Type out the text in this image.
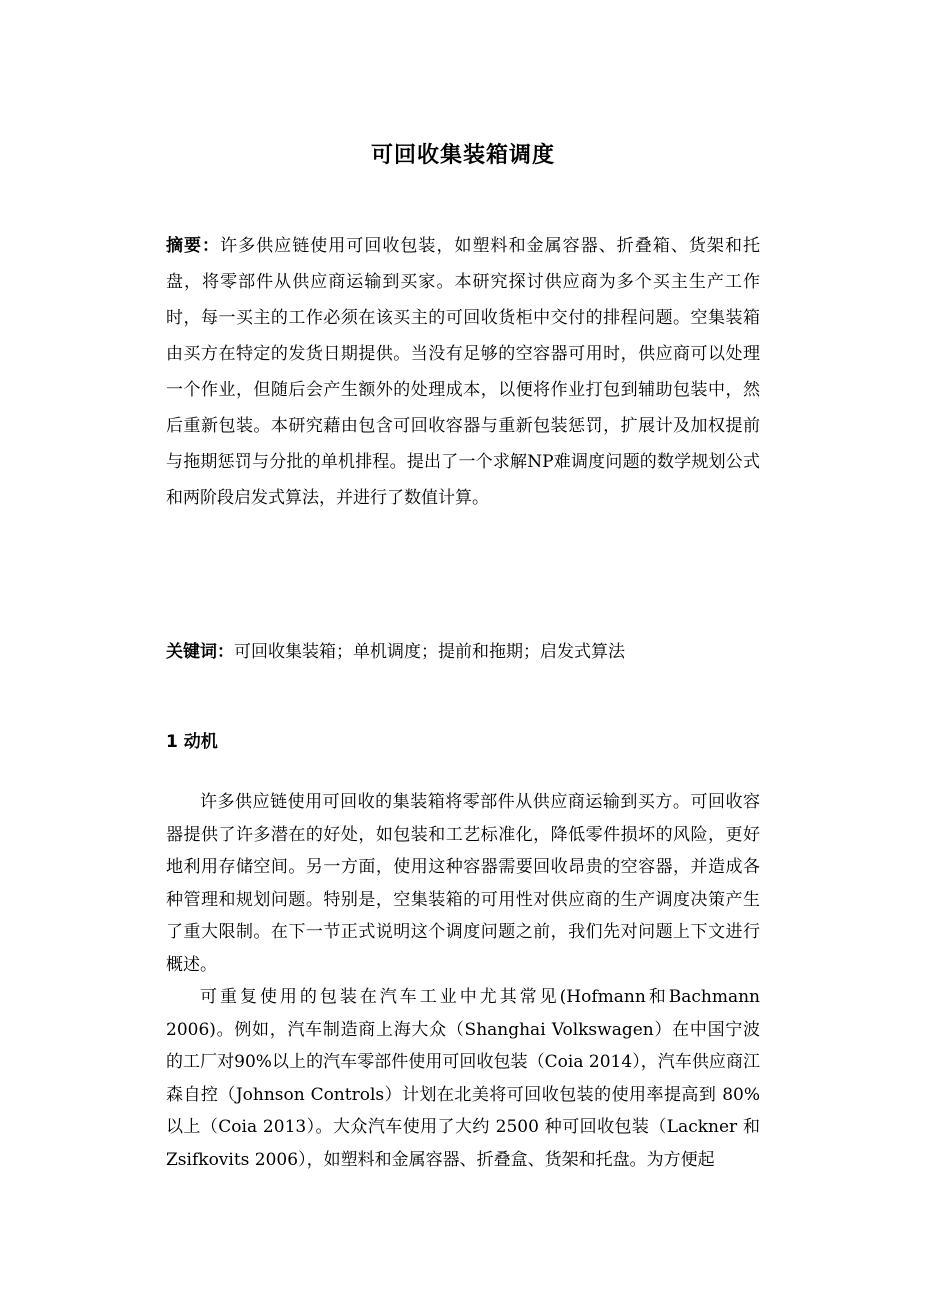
可回收集装箱调度

摘要：许多供应链使用可回收包装，如塑料和金属容器、折叠箱、货架和托盘，将零部件从供应商运输到买家。本研究探讨供应商为多个买主生产工作时，每一买主的工作必须在该买主的可回收货柜中交付的排程问题。空集装箱由买方在特定的发货日期提供。当没有足够的空容器可用时，供应商可以处理一个作业，但随后会产生额外的处理成本，以便将作业打包到辅助包装中，然后重新包装。本研究藉由包含可回收容器与重新包装惩罚，扩展计及加权提前与拖期惩罚与分批的单机排程。提出了一个求解NP难调度问题的数学规划公式和两阶段启发式算法，并进行了数值计算。

关键词：可回收集装箱；单机调度；提前和拖期；启发式算法

1 动机

许多供应链使用可回收的集装箱将零部件从供应商运输到买方。可回收容器提供了许多潜在的好处，如包装和工艺标准化，降低零件损坏的风险，更好地利用存储空间。另一方面，使用这种容器需要回收昂贵的空容器，并造成各种管理和规划问题。特别是，空集装箱的可用性对供应商的生产调度决策产生了重大限制。在下一节正式说明这个调度问题之前，我们先对问题上下文进行概述。

可重复使用的包装在汽车工业中尤其常见(Hofmann和Bachmann 2006)。例如，汽车制造商上海大众（Shanghai Volkswagen）在中国宁波的工厂对90%以上的汽车零部件使用可回收包装（Coia 2014），汽车供应商江森自控（Johnson Controls）计划在北美将可回收包装的使用率提高到 80%以上（Coia 2013）。大众汽车使用了大约 2500 种可回收包装（Lackner 和Zsifkovits 2006），如塑料和金属容器、折叠盒、货架和托盘。为方便起
